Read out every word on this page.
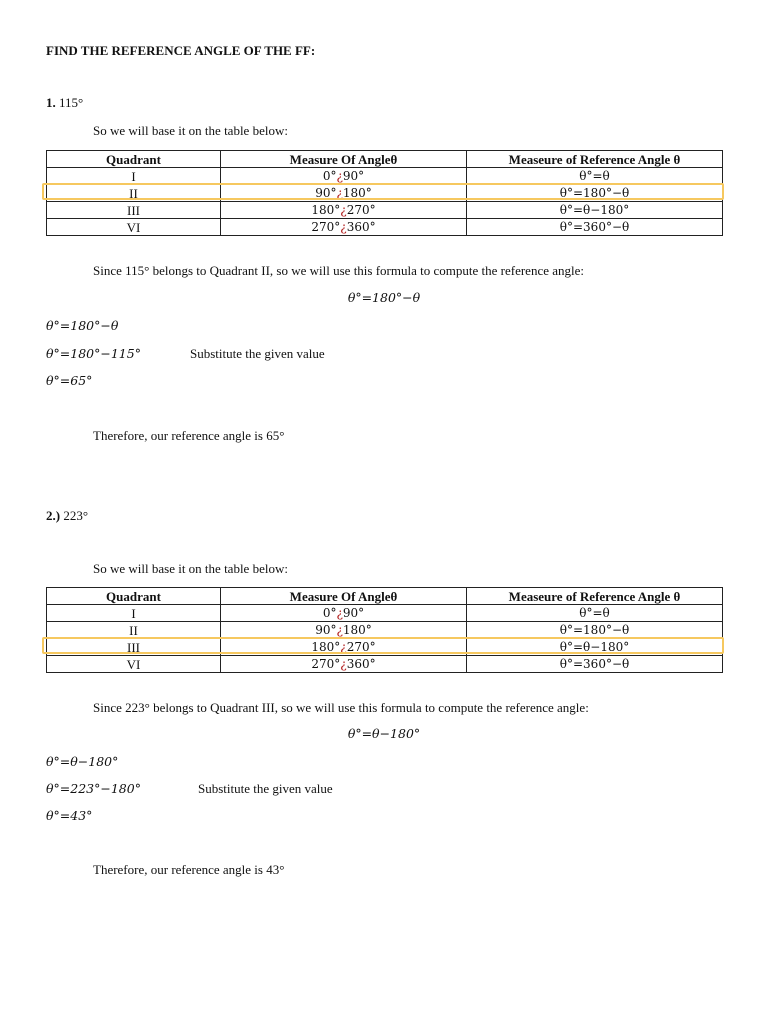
FIND THE REFERENCE ANGLE OF THE FF:
1. 115°
So we will base it on the table below:
Quadrant	Measure Of Angleθ	Measeure of Reference Angle θ
I	0°¿90°	θ°=θ
II	90°¿180°	θ°=180°−θ
III	180°¿270°	θ°=θ−180°
VI	270°¿360°	θ°=360°−θ
Since 115° belongs to Quadrant II, so we will use this formula to compute the reference angle:
θ°=180°−θ
θ°=180°−θ
θ°=180°−115°	Substitute the given value
θ°=65°
Therefore, our reference angle is 65°
2.) 223°
So we will base it on the table below:
Quadrant	Measure Of Angleθ	Measeure of Reference Angle θ
I	0°¿90°	θ°=θ
II	90°¿180°	θ°=180°−θ
III	180°¿270°	θ°=θ−180°
VI	270°¿360°	θ°=360°−θ
Since 223° belongs to Quadrant III, so we will use this formula to compute the reference angle:
θ°=θ−180°
θ°=θ−180°
θ°=223°−180°	Substitute the given value
θ°=43°
Therefore, our reference angle is 43°
